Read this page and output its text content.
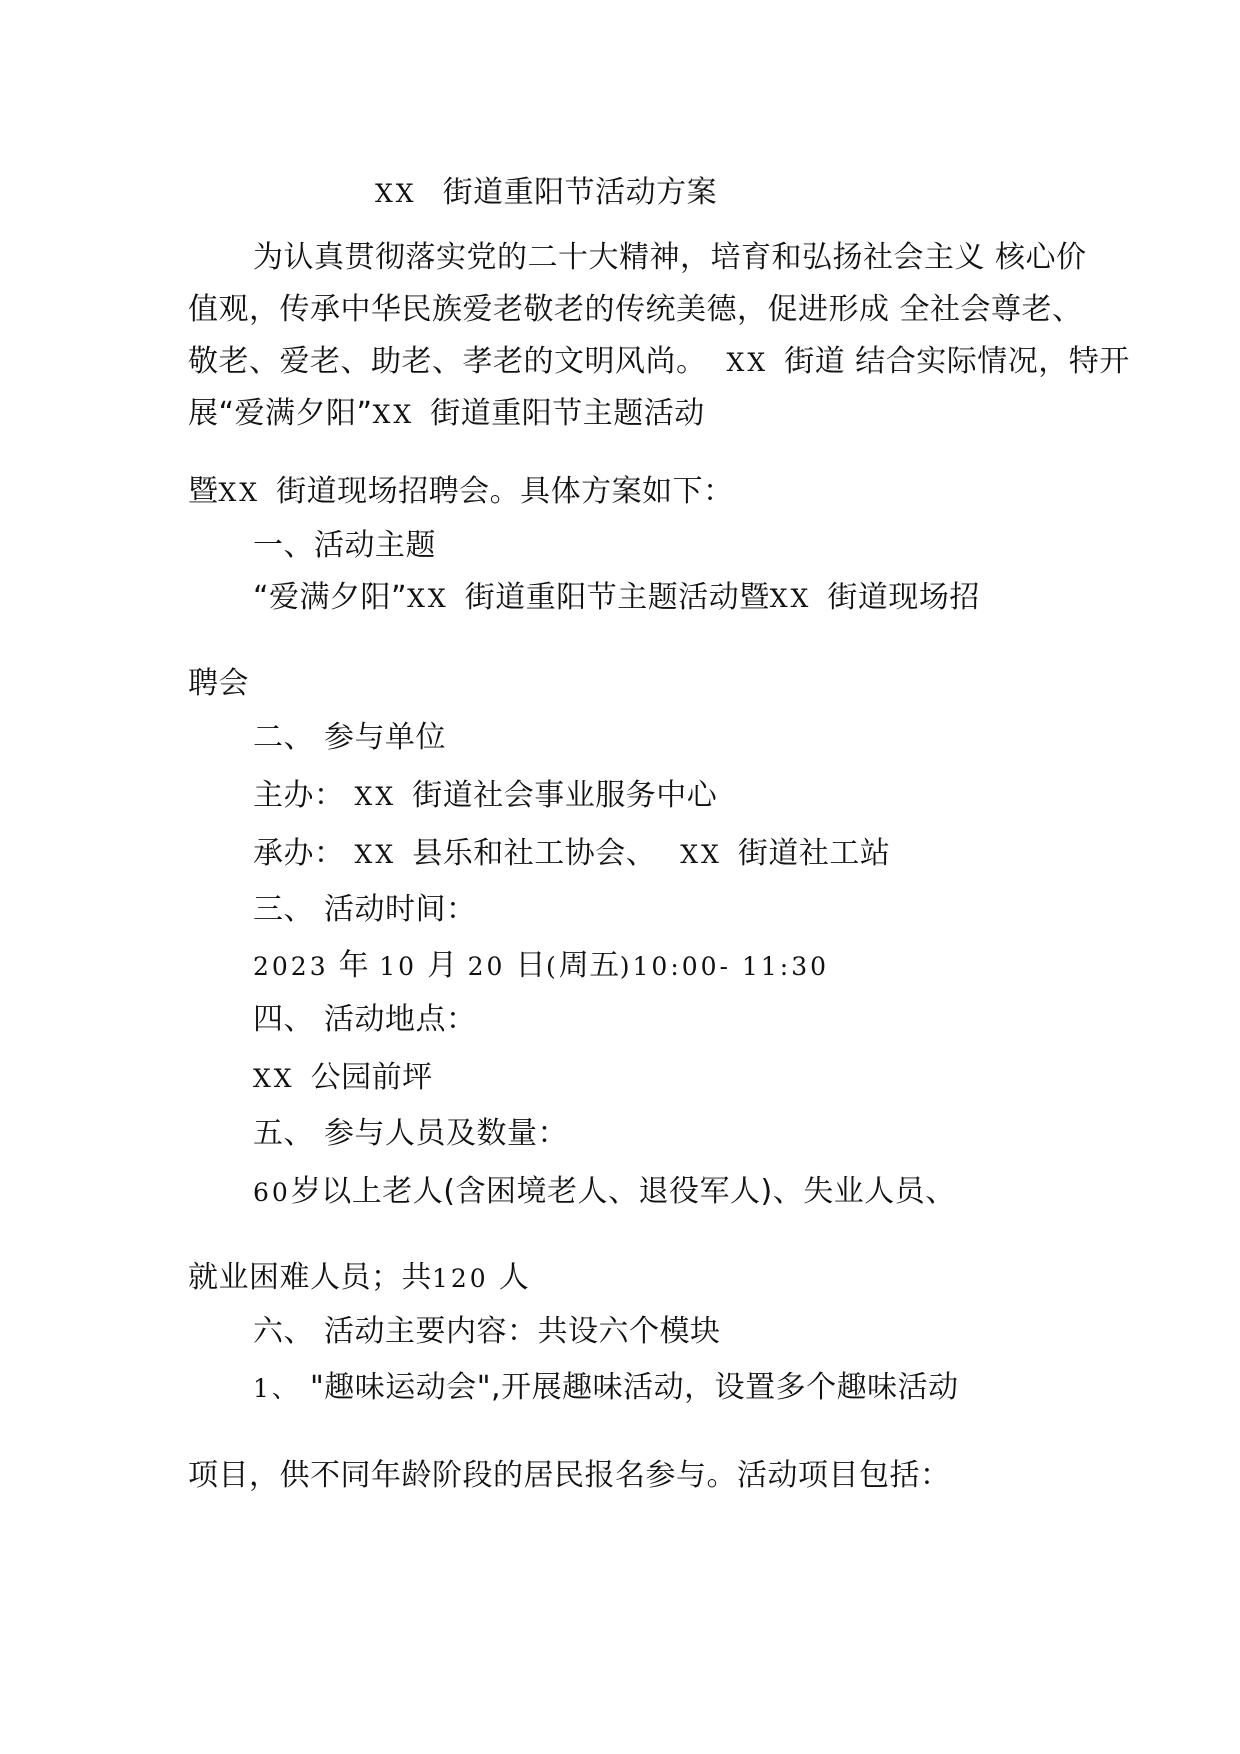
XX 街道重阳节活动方案
为认真贯彻落实党的二十大精神，培育和弘扬社会主义 核心价
值观，传承中华民族爱老敬老的传统美德，促进形成 全社会尊老、
敬老、爱老、助老、孝老的文明风尚。 XX 街道 结合实际情况，特开
展“爱满夕阳”XX 街道重阳节主题活动
暨XX 街道现场招聘会。具体方案如下：
一、活动主题
“爱满夕阳”XX 街道重阳节主题活动暨XX 街道现场招
聘会
二、 参与单位
主办： XX 街道社会事业服务中心
承办： XX 县乐和社工协会、 XX 街道社工站
三、 活动时间：
2023 年 10 月 20 日(周五)10:00- 11:30
四、 活动地点：
XX 公园前坪
五、 参与人员及数量：
60岁以上老人(含困境老人、退役军人)、失业人员、
就业困难人员；共120 人
六、 活动主要内容：共设六个模块
1、 "趣味运动会",开展趣味活动，设置多个趣味活动
项目，供不同年龄阶段的居民报名参与。活动项目包括：
